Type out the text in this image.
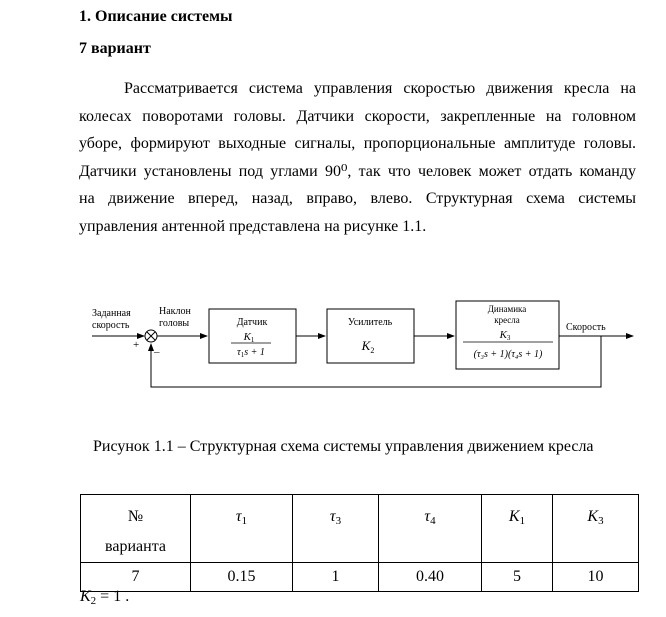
1. Описание системы
7 вариант
Рассматривается система управления скоростью движения кресла на
колесах поворотами головы. Датчики скорости, закрепленные на головном
уборе, формируют выходные сигналы, пропорциональные амплитуде головы.
Датчики установлены под углами 90⁰, так что человек может отдать команду
на движение вперед, назад, вправо, влево. Структурная схема системы
управления антенной представлена на рисунке 1.1.
Заданная
скорость
Наклон
головы
+
–
Датчик
K1
$\tau_1s + 1$
Усилитель
$K_2$
Динамика
кресла
K3
(τ₃s + 1)(τ₄s + 1)
Скорость
Рисунок 1.1 – Структурная схема системы управления движением кресла
№
варианта	$\tau_1$	$\tau_3$	$\tau_4$	$K_1$	$K_3$

7	0.15	1	0.40	5	10
$K_2 = 1$ .
